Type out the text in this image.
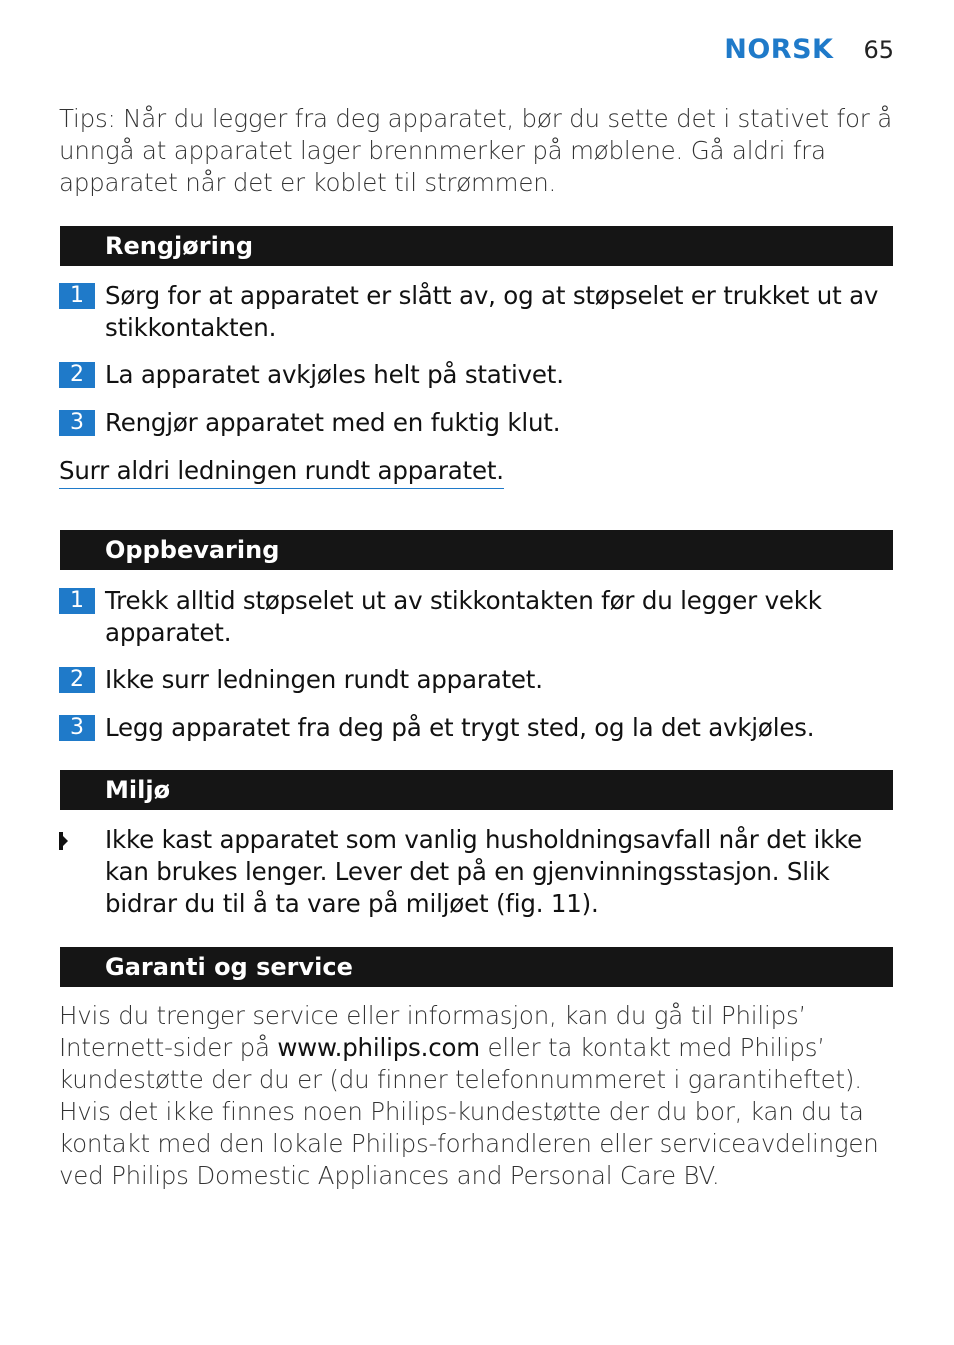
NORSK 65
Tips: Når du legger fra deg apparatet, bør du sette det i stativet for å unngå at apparatet lager brennmerker på møblene. Gå aldri fra apparatet når det er koblet til strømmen.
Rengjøring
1 Sørg for at apparatet er slått av, og at støpselet er trukket ut av stikkontakten.
2 La apparatet avkjøles helt på stativet.
3 Rengjør apparatet med en fuktig klut.
Surr aldri ledningen rundt apparatet.
Oppbevaring
1 Trekk alltid støpselet ut av stikkontakten før du legger vekk apparatet.
2 Ikke surr ledningen rundt apparatet.
3 Legg apparatet fra deg på et trygt sted, og la det avkjøles.
Miljø
Ikke kast apparatet som vanlig husholdningsavfall når det ikke kan brukes lenger. Lever det på en gjenvinningsstasjon. Slik bidrar du til å ta vare på miljøet (fig. 11).
Garanti og service
Hvis du trenger service eller informasjon, kan du gå til Philips’ Internett-sider på www.philips.com eller ta kontakt med Philips’ kundestøtte der du er (du finner telefonnummeret i garantiheftet). Hvis det ikke finnes noen Philips-kundestøtte der du bor, kan du ta kontakt med den lokale Philips-forhandleren eller serviceavdelingen ved Philips Domestic Appliances and Personal Care BV.
